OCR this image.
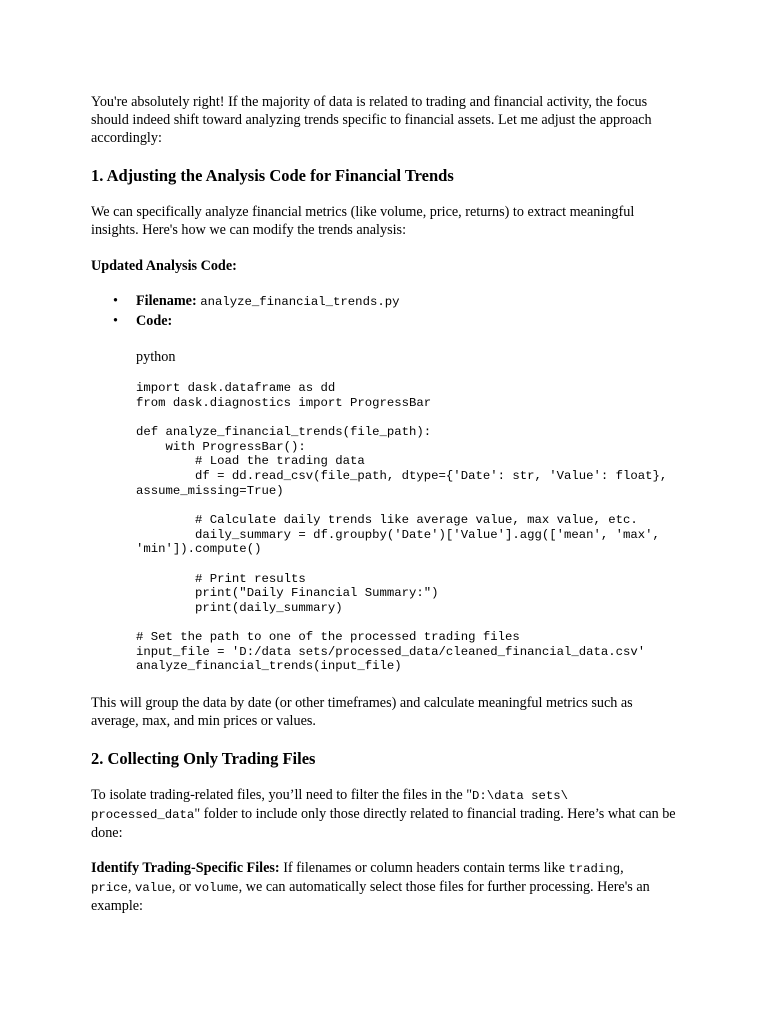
You're absolutely right! If the majority of data is related to trading and financial activity, the focus should indeed shift toward analyzing trends specific to financial assets. Let me adjust the approach accordingly:

1. Adjusting the Analysis Code for Financial Trends

We can specifically analyze financial metrics (like volume, price, returns) to extract meaningful insights. Here's how we can modify the trends analysis:

Updated Analysis Code:

• Filename: analyze_financial_trends.py
• Code:

python

import dask.dataframe as dd
from dask.diagnostics import ProgressBar

def analyze_financial_trends(file_path):
with ProgressBar():
# Load the trading data
df = dd.read_csv(file_path, dtype={'Date': str, 'Value': float},
assume_missing=True)

# Calculate daily trends like average value, max value, etc.
daily_summary = df.groupby('Date')['Value'].agg(['mean', 'max',
'min']).compute()

# Print results
print("Daily Financial Summary:")
print(daily_summary)

# Set the path to one of the processed trading files
input_file = 'D:/data sets/processed_data/cleaned_financial_data.csv'
analyze_financial_trends(input_file)

This will group the data by date (or other timeframes) and calculate meaningful metrics such as average, max, and min prices or values.

2. Collecting Only Trading Files

To isolate trading-related files, you’ll need to filter the files in the "D:\data sets\
processed_data" folder to include only those directly related to financial trading. Here’s what can be done:

Identify Trading-Specific Files: If filenames or column headers contain terms like trading,
price, value, or volume, we can automatically select those files for further processing. Here's an example:
